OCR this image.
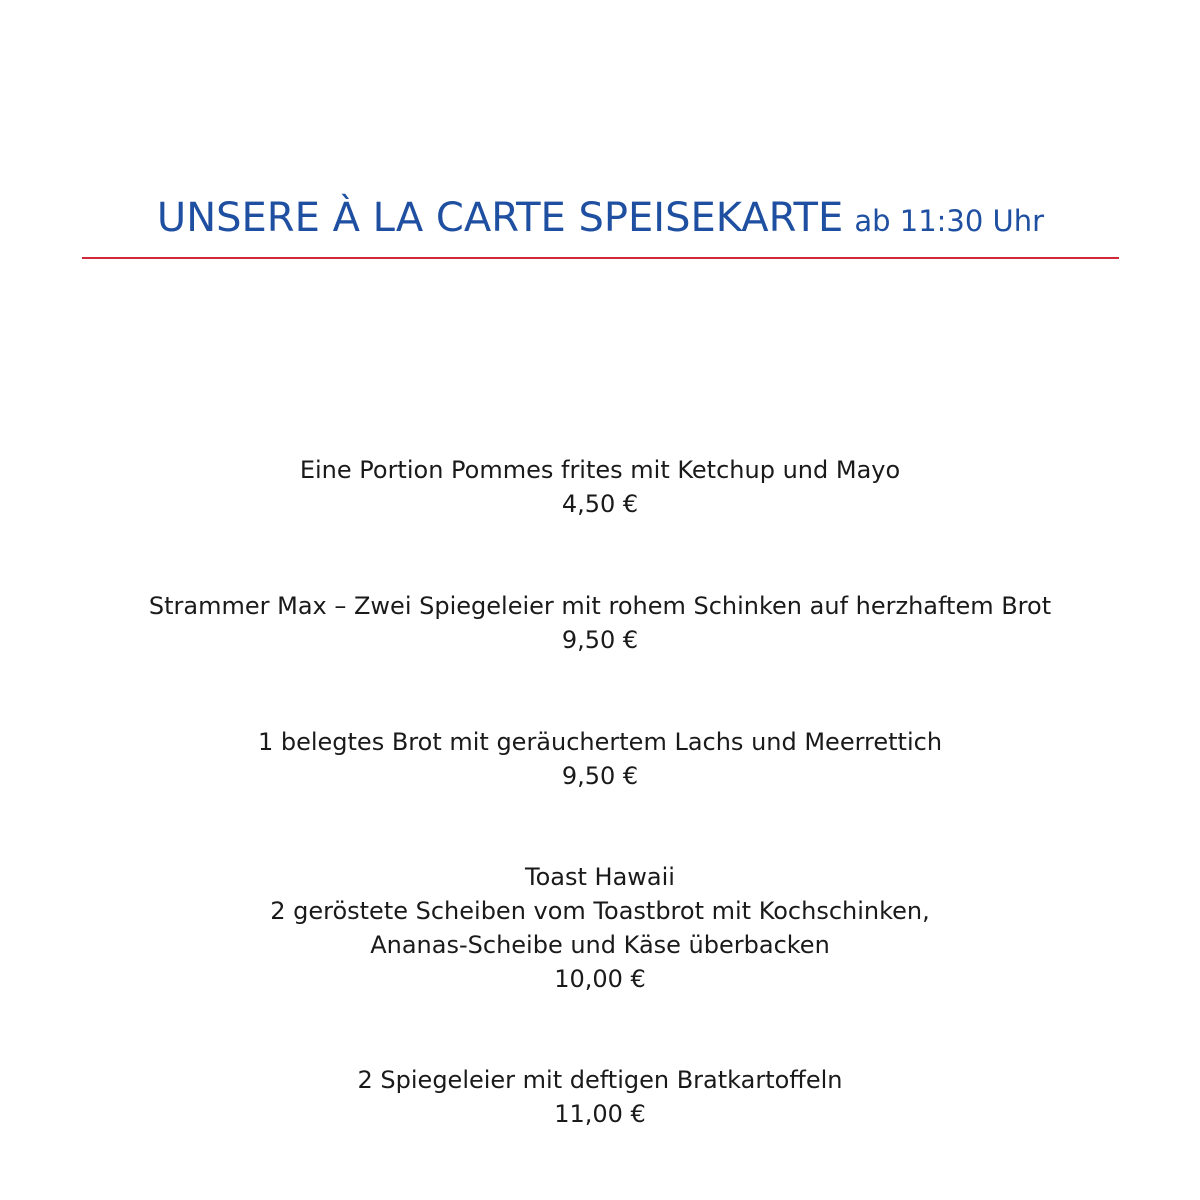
UNSERE À LA CARTE SPEISEKARTE ab 11:30 Uhr
Eine Portion Pommes frites mit Ketchup und Mayo
4,50 €
Strammer Max – Zwei Spiegeleier mit rohem Schinken auf herzhaftem Brot
9,50 €
1 belegtes Brot mit geräuchertem Lachs und Meerrettich
9,50 €
Toast Hawaii
2 geröstete Scheiben vom Toastbrot mit Kochschinken,
Ananas-Scheibe und Käse überbacken
10,00 €
2 Spiegeleier mit deftigen Bratkartoffeln
11,00 €
